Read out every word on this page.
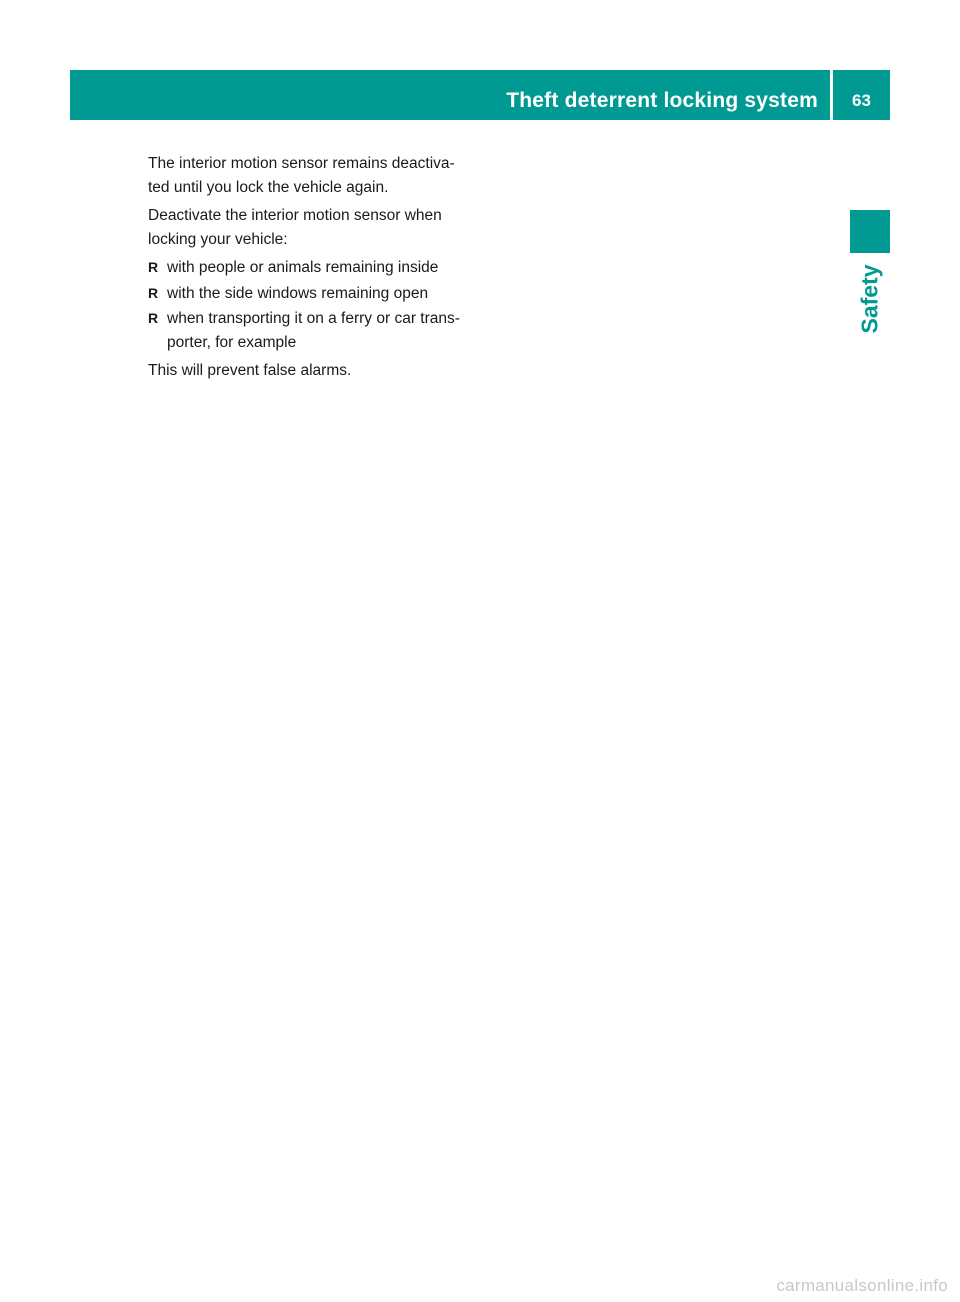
Theft deterrent locking system	63
Safety

The interior motion sensor remains deactiva-
ted until you lock the vehicle again.

Deactivate the interior motion sensor when
locking your vehicle:

R with people or animals remaining inside
R with the side windows remaining open
R when transporting it on a ferry or car trans-
porter, for example

This will prevent false alarms.

carmanualsonline.info
